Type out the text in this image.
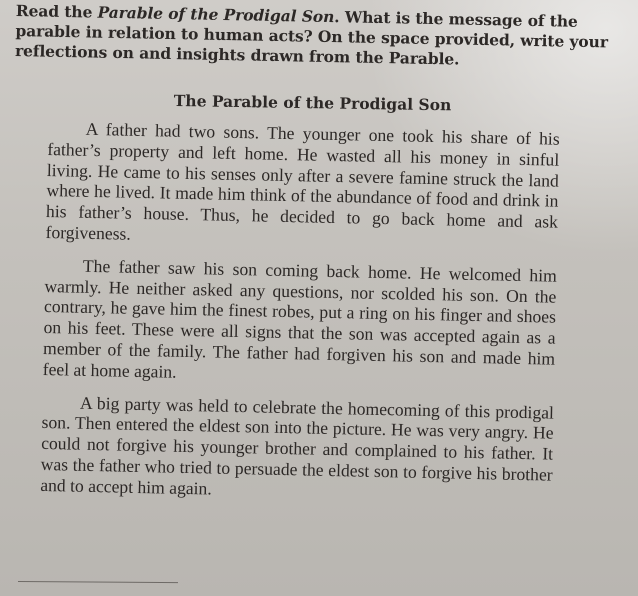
Read the Parable of the Prodigal Son. What is the message of the parable in relation to human acts? On the space provided, write your reflections on and insights drawn from the Parable.

The Parable of the Prodigal Son

A father had two sons. The younger one took his share of his father’s property and left home. He wasted all his money in sinful living. He came to his senses only after a severe famine struck the land where he lived. It made him think of the abundance of food and drink in his father’s house. Thus, he decided to go back home and ask forgiveness.

The father saw his son coming back home. He welcomed him warmly. He neither asked any questions, nor scolded his son. On the contrary, he gave him the finest robes, put a ring on his finger and shoes on his feet. These were all signs that the son was accepted again as a member of the family. The father had forgiven his son and made him feel at home again.

A big party was held to celebrate the homecoming of this prodigal son. Then entered the eldest son into the picture. He was very angry. He could not forgive his younger brother and complained to his father. It was the father who tried to persuade the eldest son to forgive his brother and to accept him again.
